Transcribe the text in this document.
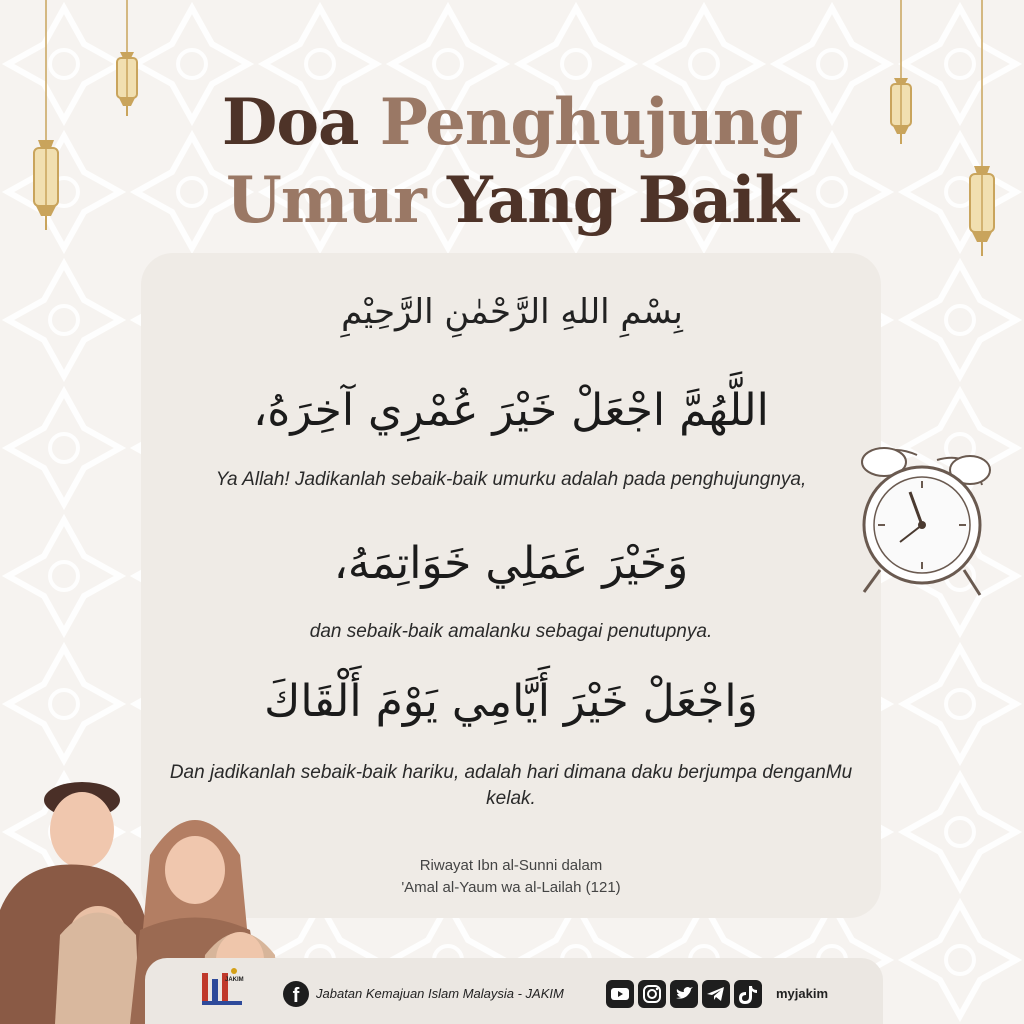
Doa Penghujung
Umur Yang Baik
بِسْمِ اللهِ الرَّحْمٰنِ الرَّحِيْمِ
اللَّهُمَّ اجْعَلْ خَيْرَ عُمْرِي آخِرَهُ،
Ya Allah! Jadikanlah sebaik-baik umurku adalah pada penghujungnya,
وَخَيْرَ عَمَلِي خَوَاتِمَهُ،
dan sebaik-baik amalanku sebagai penutupnya.
وَاجْعَلْ خَيْرَ أَيَّامِي يَوْمَ أَلْقَاكَ
Dan jadikanlah sebaik-baik hariku, adalah hari dimana daku berjumpa denganMu kelak.
Riwayat Ibn al-Sunni dalam
'Amal al-Yaum wa al-Lailah (121)
JAKIM
f	Jabatan Kemajuan Islam Malaysia - JAKIM	myjakim
